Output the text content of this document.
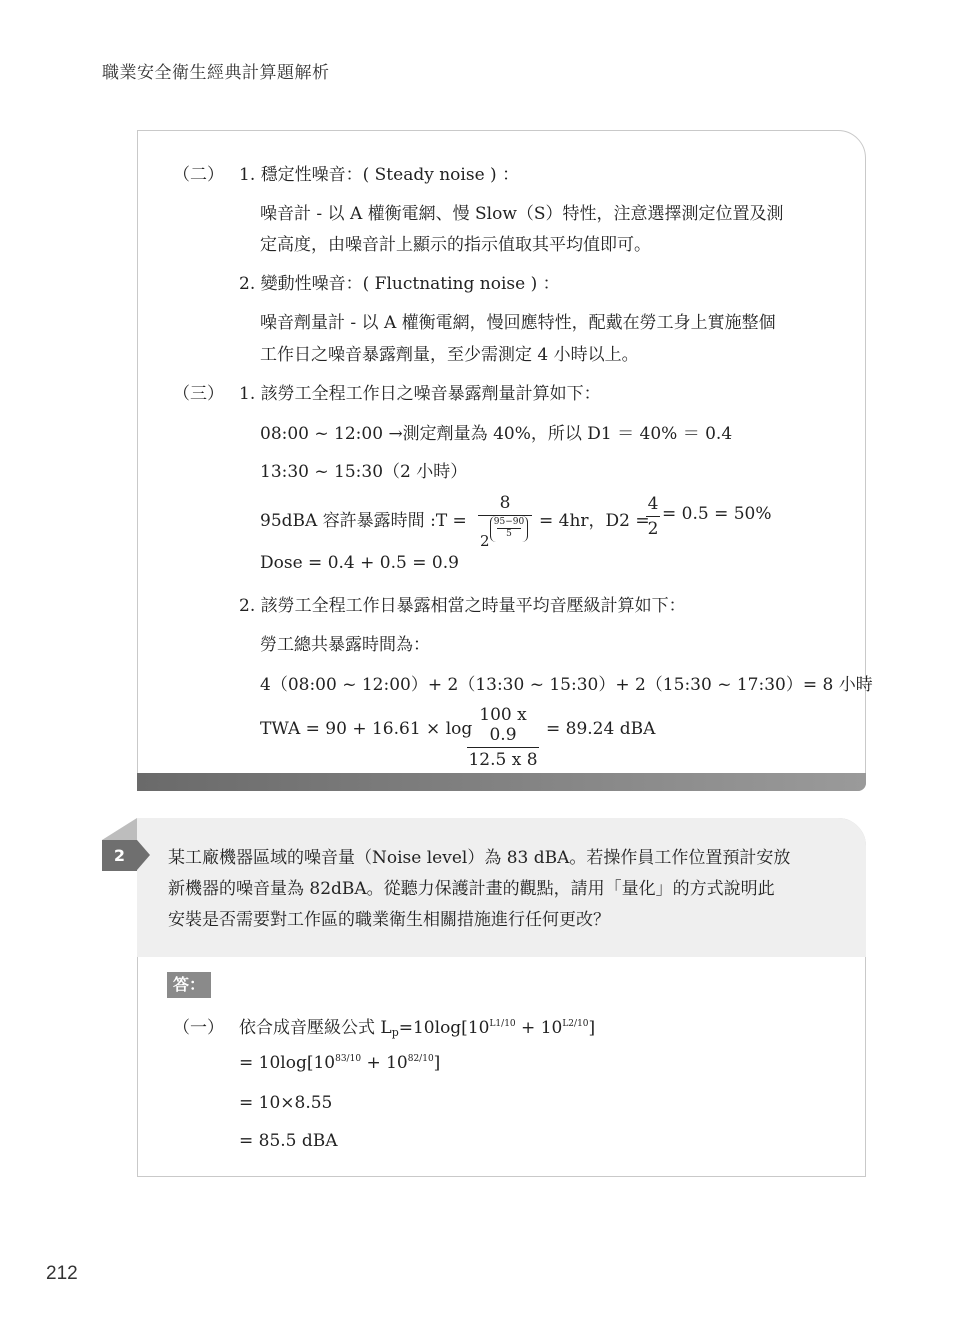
職業安全衛生經典計算題解析
（二） 1. 穩定性噪音：( Steady noise ) ：
噪音計 - 以 A 權衡電網、慢 Slow（S）特性，注意選擇測定位置及測
定高度，由噪音計上顯示的指示值取其平均值即可。
2. 變動性噪音：( Fluctnating noise ) ：
噪音劑量計 - 以 A 權衡電網，慢回應特性，配戴在勞工身上實施整個
工作日之噪音暴露劑量，至少需測定 4 小時以上。
（三） 1. 該勞工全程工作日之噪音暴露劑量計算如下：
08:00 ~ 12:00 →測定劑量為 40%，所以 D1 ＝ 40% ＝ 0.4
13:30 ~ 15:30（2 小時）
95dBA 容許暴露時間 :T =
8
2
95−90
5
= 4hr，D2 =
4
2
= 0.5 = 50%
Dose = 0.4 + 0.5 = 0.9
2. 該勞工全程工作日暴露相當之時量平均音壓級計算如下：
勞工總共暴露時間為：
4（08:00 ~ 12:00）+ 2（13:30 ~ 15:30）+ 2（15:30 ~ 17:30）= 8 小時
TWA = 90 + 16.61 × log
100 x 0.9
12.5 x 8
= 89.24 dBA
2	某工廠機器區域的噪音量（Noise level）為 83 dBA。若操作員工作位置預計安放
新機器的噪音量為 82dBA。從聽力保護計畫的觀點，請用「量化」的方式說明此
安裝是否需要對工作區的職業衛生相關措施進行任何更改？
答：
（一） 依合成音壓級公式 $L_p=10\log[10^{L1/10} + 10^{L2/10}]$
= $10\log[10^{83/10} + 10^{82/10}]$
= 10×8.55
= 85.5 dBA
212
